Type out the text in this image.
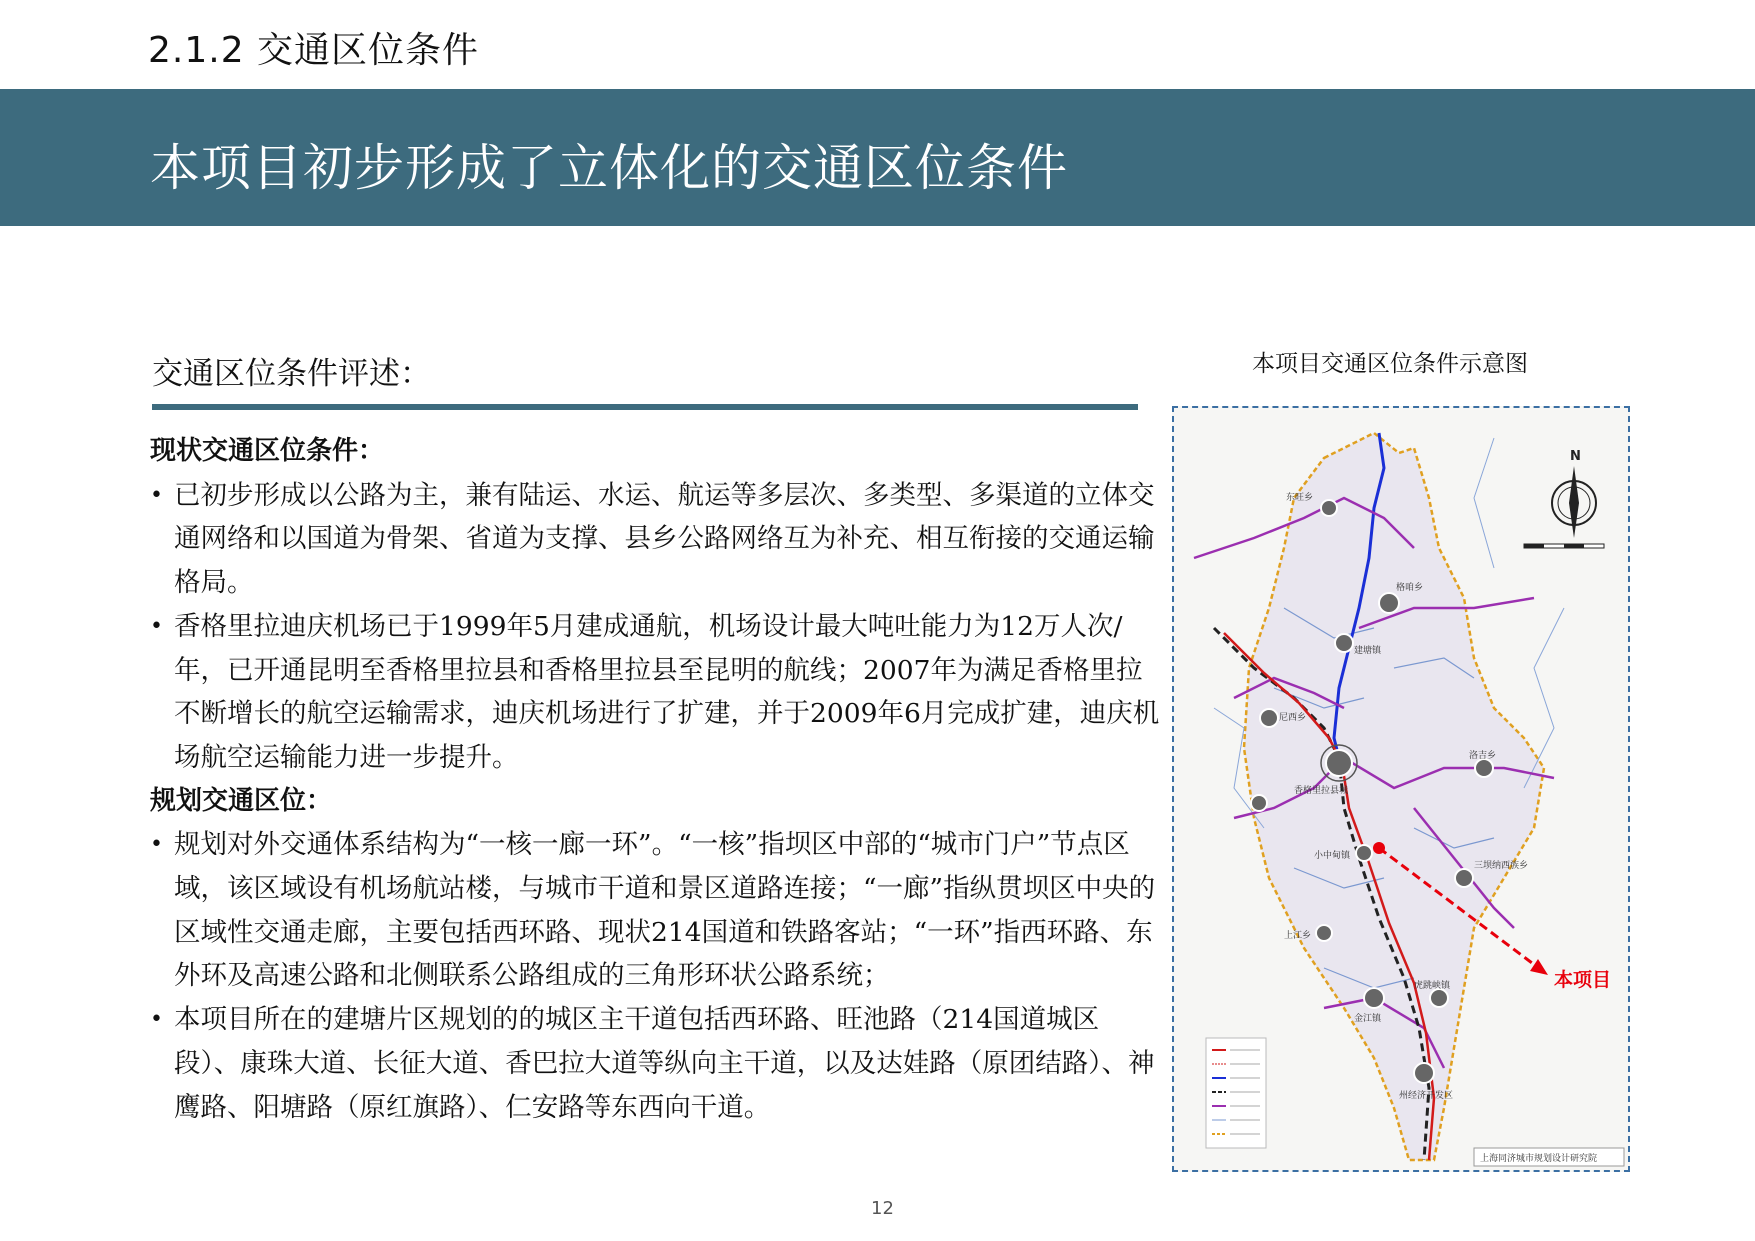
2.1.2 交通区位条件
本项目初步形成了立体化的交通区位条件
交通区位条件评述：
现状交通区位条件：
• 已初步形成以公路为主，兼有陆运、水运、航运等多层次、多类型、多渠道的立体交通网络和以国道为骨架、省道为支撑、县乡公路网络互为补充、相互衔接的交通运输格局。
• 香格里拉迪庆机场已于1999年5月建成通航，机场设计最大吨吐能力为12万人次/年，已开通昆明至香格里拉县和香格里拉县至昆明的航线；2007年为满足香格里拉不断增长的航空运输需求，迪庆机场进行了扩建，并于2009年6月完成扩建，迪庆机场航空运输能力进一步提升。
规划交通区位：
• 规划对外交通体系结构为“一核一廊一环”。“一核”指坝区中部的“城市门户”节点区域，该区域设有机场航站楼，与城市干道和景区道路连接；“一廊”指纵贯坝区中央的区域性交通走廊，主要包括西环路、现状214国道和铁路客站；“一环”指西环路、东外环及高速公路和北侧联系公路组成的三角形环状公路系统；
• 本项目所在的建塘片区规划的的城区主干道包括西环路、旺池路（214国道城区段）、康珠大道、长征大道、香巴拉大道等纵向主干道，以及达娃路（原团结路）、神鹰路、阳塘路（原红旗路）、仁安路等东西向干道。
本项目交通区位条件示意图
东旺乡
格咱乡
尼西乡
香格里拉县城
洛吉乡
建塘镇
小中甸镇
上江乡
三坝纳西族乡
虎跳峡镇
金江镇
州经济开发区
N
本项目
上海同济城市规划设计研究院
12
